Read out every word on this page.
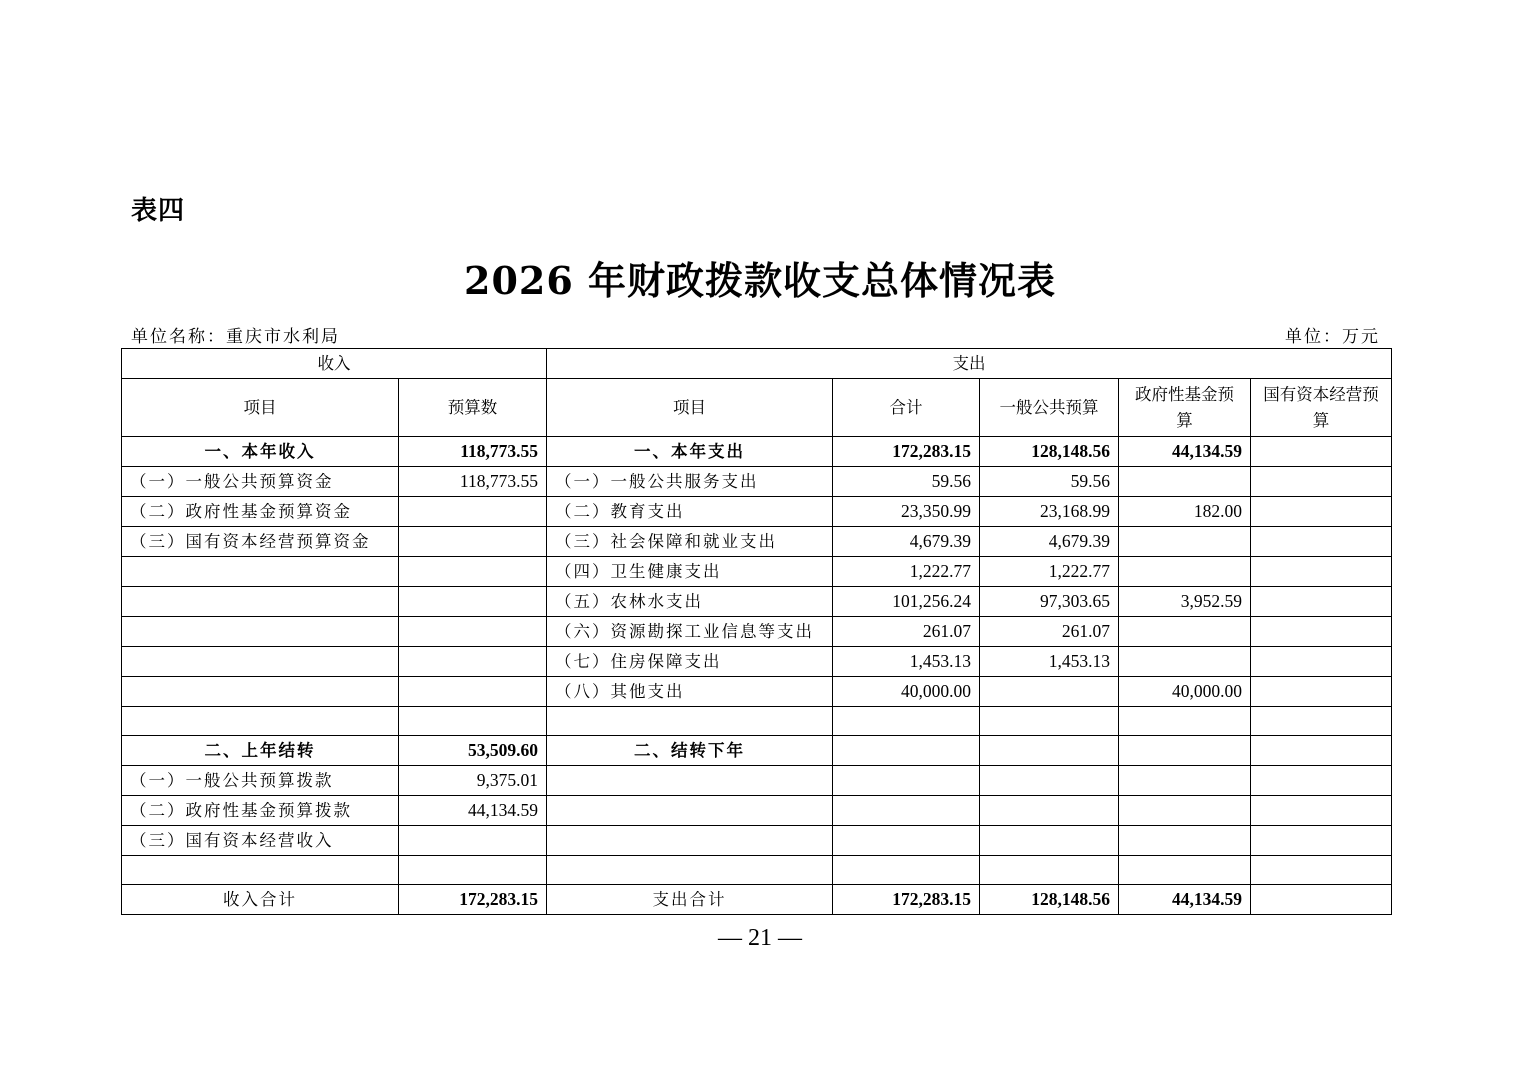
表四
2026 年财政拨款收支总体情况表
单位名称：重庆市水利局	单位：万元
收入		支出				
项目	预算数	项目	合计	一般公共预算	政府性基金预算	国有资本经营预算
一、本年收入	118,773.55	一、本年支出	172,283.15	128,148.56	44,134.59	
（一）一般公共预算资金	118,773.55	（一）一般公共服务支出	59.56	59.56		
（二）政府性基金预算资金		（二）教育支出	23,350.99	23,168.99	182.00	
（三）国有资本经营预算资金		（三）社会保障和就业支出	4,679.39	4,679.39		
		（四）卫生健康支出	1,222.77	1,222.77		
		（五）农林水支出	101,256.24	97,303.65	3,952.59	
		（六）资源勘探工业信息等支出	261.07	261.07		
		（七）住房保障支出	1,453.13	1,453.13		
		（八）其他支出	40,000.00		40,000.00	

二、上年结转	53,509.60	二、结转下年				
（一）一般公共预算拨款	9,375.01					
（二）政府性基金预算拨款	44,134.59					
（三）国有资本经营收入						

收入合计	172,283.15	支出合计	172,283.15	128,148.56	44,134.59	
— 21 —
